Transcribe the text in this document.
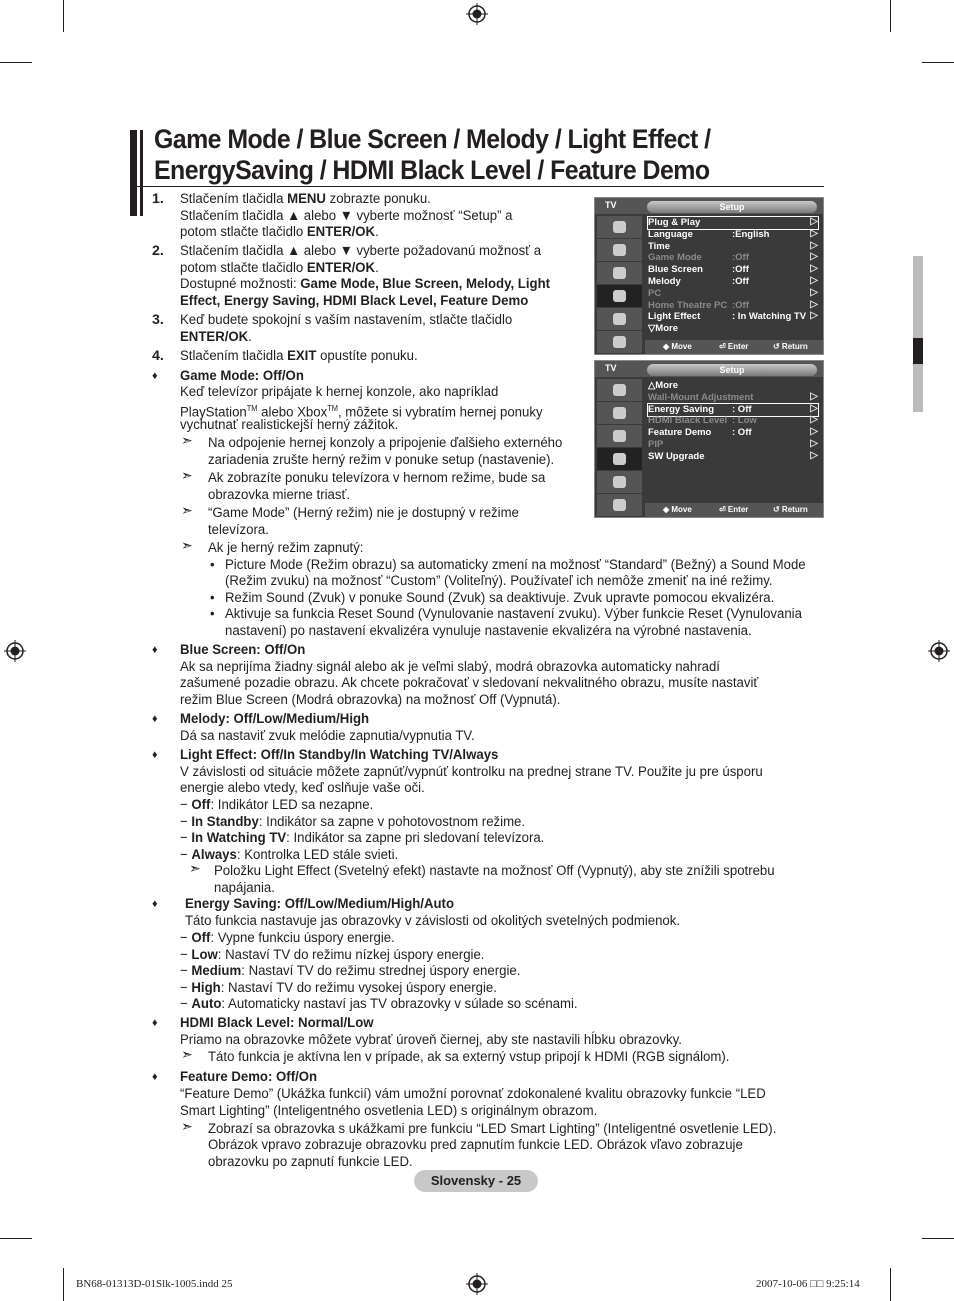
Game Mode / Blue Screen / Melody / Light Effect /
EnergySaving / HDMI Black Level / Feature Demo
1. Stlačením tlačidla MENU zobrazte ponuku.
Stlačením tlačidla ▲ alebo ▼ vyberte možnosť “Setup” a
potom stlačte tlačidlo ENTER/OK.
2. Stlačením tlačidla ▲ alebo ▼ vyberte požadovanú možnosť a
potom stlačte tlačidlo ENTER/OK.
Dostupné možnosti: Game Mode, Blue Screen, Melody, Light
Effect, Energy Saving, HDMI Black Level, Feature Demo
3. Keď budete spokojní s vaším nastavením, stlačte tlačidlo
ENTER/OK.
4. Stlačením tlačidla EXIT opustíte ponuku.
♦ Game Mode: Off/On
Keď televízor pripájate k hernej konzole, ako napríklad
PlayStation™ alebo Xbox™, môžete si vybratím hernej ponuky
vychutnať realistickejší herný zážitok.
➣ Na odpojenie hernej konzoly a pripojenie ďalšieho externého
zariadenia zrušte herný režim v ponuke setup (nastavenie).
➣ Ak zobrazíte ponuku televízora v hernom režime, bude sa
obrazovka mierne triasť.
➣ “Game Mode” (Herný režim) nie je dostupný v režime
televízora.
➣ Ak je herný režim zapnutý:
• Picture Mode (Režim obrazu) sa automaticky zmení na možnosť “Standard” (Bežný) a Sound Mode
(Režim zvuku) na možnosť “Custom” (Voliteľný). Používateľ ich nemôže zmeniť na iné režimy.
• Režim Sound (Zvuk) v ponuke Sound (Zvuk) sa deaktivuje. Zvuk upravte pomocou ekvalizéra.
• Aktivuje sa funkcia Reset Sound (Vynulovanie nastavení zvuku). Výber funkcie Reset (Vynulovania
nastavení) po nastavení ekvalizéra vynuluje nastavenie ekvalizéra na výrobné nastavenia.
♦ Blue Screen: Off/On
Ak sa neprijíma žiadny signál alebo ak je veľmi slabý, modrá obrazovka automaticky nahradí
zašumené pozadie obrazu. Ak chcete pokračovať v sledovaní nekvalitného obrazu, musíte nastaviť
režim Blue Screen (Modrá obrazovka) na možnosť Off (Vypnutá).
♦ Melody: Off/Low/Medium/High
Dá sa nastaviť zvuk melódie zapnutia/vypnutia TV.
♦ Light Effect: Off/In Standby/In Watching TV/Always
V závislosti od situácie môžete zapnúť/vypnúť kontrolku na prednej strane TV. Použite ju pre úsporu
energie alebo vtedy, keď oslňuje vaše oči.
− Off: Indikátor LED sa nezapne.
− In Standby: Indikátor sa zapne v pohotovostnom režime.
− In Watching TV: Indikátor sa zapne pri sledovaní televízora.
− Always: Kontrolka LED stále svieti.
➣ Položku Light Effect (Svetelný efekt) nastavte na možnosť Off (Vypnutý), aby ste znížili spotrebu
napájania.
♦ Energy Saving: Off/Low/Medium/High/Auto
Táto funkcia nastavuje jas obrazovky v závislosti od okolitých svetelných podmienok.
− Off: Vypne funkciu úspory energie.
− Low: Nastaví TV do režimu nízkej úspory energie.
− Medium: Nastaví TV do režimu strednej úspory energie.
− High: Nastaví TV do režimu vysokej úspory energie.
− Auto: Automaticky nastaví jas TV obrazovky v súlade so scénami.
♦ HDMI Black Level: Normal/Low
Priamo na obrazovke môžete vybrať úroveň čiernej, aby ste nastavili hĺbku obrazovky.
➣ Táto funkcia je aktívna len v prípade, ak sa externý vstup pripojí k HDMI (RGB signálom).
♦ Feature Demo: Off/On
“Feature Demo” (Ukážka funkcií) vám umožní porovnať zdokonalené kvalitu obrazovky funkcie “LED
Smart Lighting” (Inteligentného osvetlenia LED) s originálnym obrazom.
➣ Zobrazí sa obrazovka s ukážkami pre funkciu “LED Smart Lighting” (Inteligentné osvetlenie LED).
Obrázok vpravo zobrazuje obrazovku pred zapnutím funkcie LED. Obrázok vľavo zobrazuje
obrazovku po zapnutí funkcie LED.
TV	Setup
Plug & Play	▷
Language	:English	▷
Time	▷
Game Mode	:Off	▷
Blue Screen	:Off	▷
Melody	:Off	▷
PC	▷
Home Theatre PC :Off	▷
Light Effect	: In Watching TV ▷
▽More
◆ Move	⏎ Enter	↺ Return
TV	Setup
△More
Wall-Mount Adjustment	▷
Energy Saving : Off	▷
HDMI Black Level : Low	▷
Feature Demo : Off	▷
PIP	▷
SW Upgrade	▷
◆ Move	⏎ Enter	↺ Return
Slovensky - 25
BN68-01313D-01Slk-1005.indd 25	2007-10-06 □□ 9:25:14
